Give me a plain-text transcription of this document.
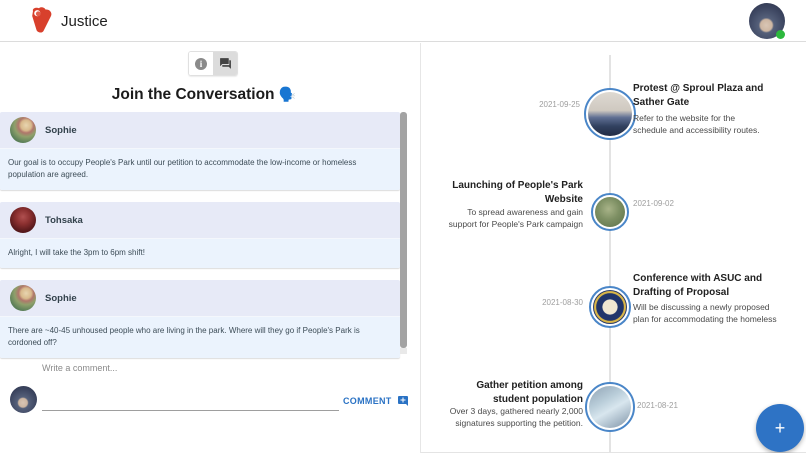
Justice
i
Join the Conversation 🗣️
Sophie
Our goal is to occupy People's Park until our petition to accommodate the low-income or homeless population are agreed.
Tohsaka
Alright, I will take the 3pm to 6pm shift!
Sophie
There are ~40-45 unhoused people who are living in the park. Where will they go if People's Park is cordoned off?
Write a comment...
COMMENT
2021-09-25
Protest @ Sproul Plaza and Sather Gate
Refer to the website for the schedule and accessibility routes.
Launching of People's Park Website
To spread awareness and gain support for People's Park campaign
2021-09-02
2021-08-30
Conference with ASUC and Drafting of Proposal
Will be discussing a newly proposed plan for accommodating the homeless
Gather petition among student population
Over 3 days, gathered nearly 2,000 signatures supporting the petition.
2021-08-21
+
